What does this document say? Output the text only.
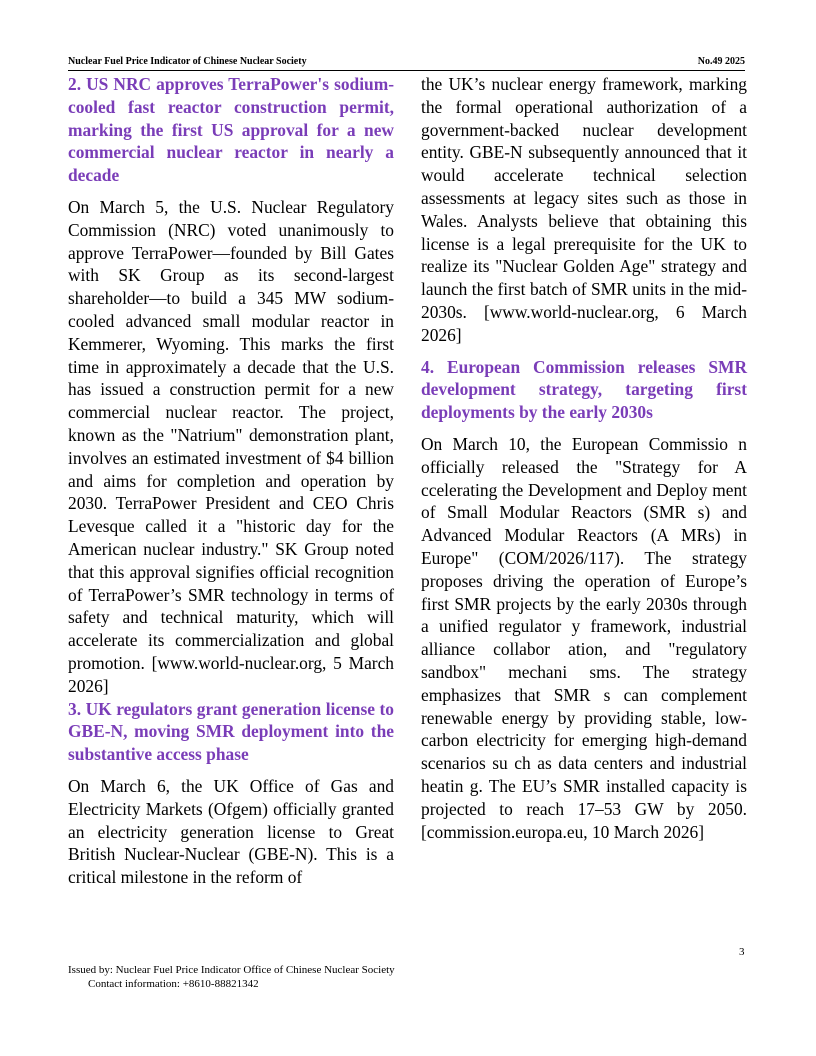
Nuclear Fuel Price Indicator of Chinese Nuclear Society	No.49 2025

2. US NRC approves TerraPower's sodium-cooled fast reactor construction permit, marking the first US approval for a new commercial nuclear reactor in nearly a decade

On March 5, the U.S. Nuclear Regulatory Commission (NRC) voted unanimously to approve TerraPower—founded by Bill Gates with SK Group as its second-largest shareholder—to build a 345 MW sodium-cooled advanced small modular reactor in Kemmerer, Wyoming. This marks the first time in approximately a decade that the U.S. has issued a construction permit for a new commercial nuclear reactor. The project, known as the "Natrium" demonstration plant, involves an estimated investment of $4 billion and aims for completion and operation by 2030. TerraPower President and CEO Chris Levesque called it a "historic day for the American nuclear industry." SK Group noted that this approval signifies official recognition of TerraPower’s SMR technology in terms of safety and technical maturity, which will accelerate its commercialization and global promotion. [www.world-nuclear.org, 5 March 2026]

3. UK regulators grant generation license to GBE-N, moving SMR deployment into the substantive access phase

On March 6, the UK Office of Gas and Electricity Markets (Ofgem) officially granted an electricity generation license to Great British Nuclear-Nuclear (GBE-N). This is a critical milestone in the reform of

the UK’s nuclear energy framework, marking the formal operational authorization of a government-backed nuclear development entity. GBE-N subsequently announced that it would accelerate technical selection assessments at legacy sites such as those in Wales. Analysts believe that obtaining this license is a legal prerequisite for the UK to realize its "Nuclear Golden Age" strategy and launch the first batch of SMR units in the mid-2030s. [www.world-nuclear.org, 6 March 2026]

4. European Commission releases SMR development strategy, targeting first deployments by the early 2030s

On March 10, the European Commissio n officially released the "Strategy for A ccelerating the Development and Deploy ment of Small Modular Reactors (SMR s) and Advanced Modular Reactors (A MRs) in Europe" (COM/2026/117). The strategy proposes driving the operation of Europe’s first SMR projects by the early 2030s through a unified regulator y framework, industrial alliance collabor ation, and "regulatory sandbox" mechani sms. The strategy emphasizes that SMR s can complement renewable energy by providing stable, low-carbon electricity for emerging high-demand scenarios su ch as data centers and industrial heatin g. The EU’s SMR installed capacity is projected to reach 17–53 GW by 2050. [commission.europa.eu, 10 March 2026]

3
Issued by: Nuclear Fuel Price Indicator Office of Chinese Nuclear Society
Contact information: +8610-88821342
